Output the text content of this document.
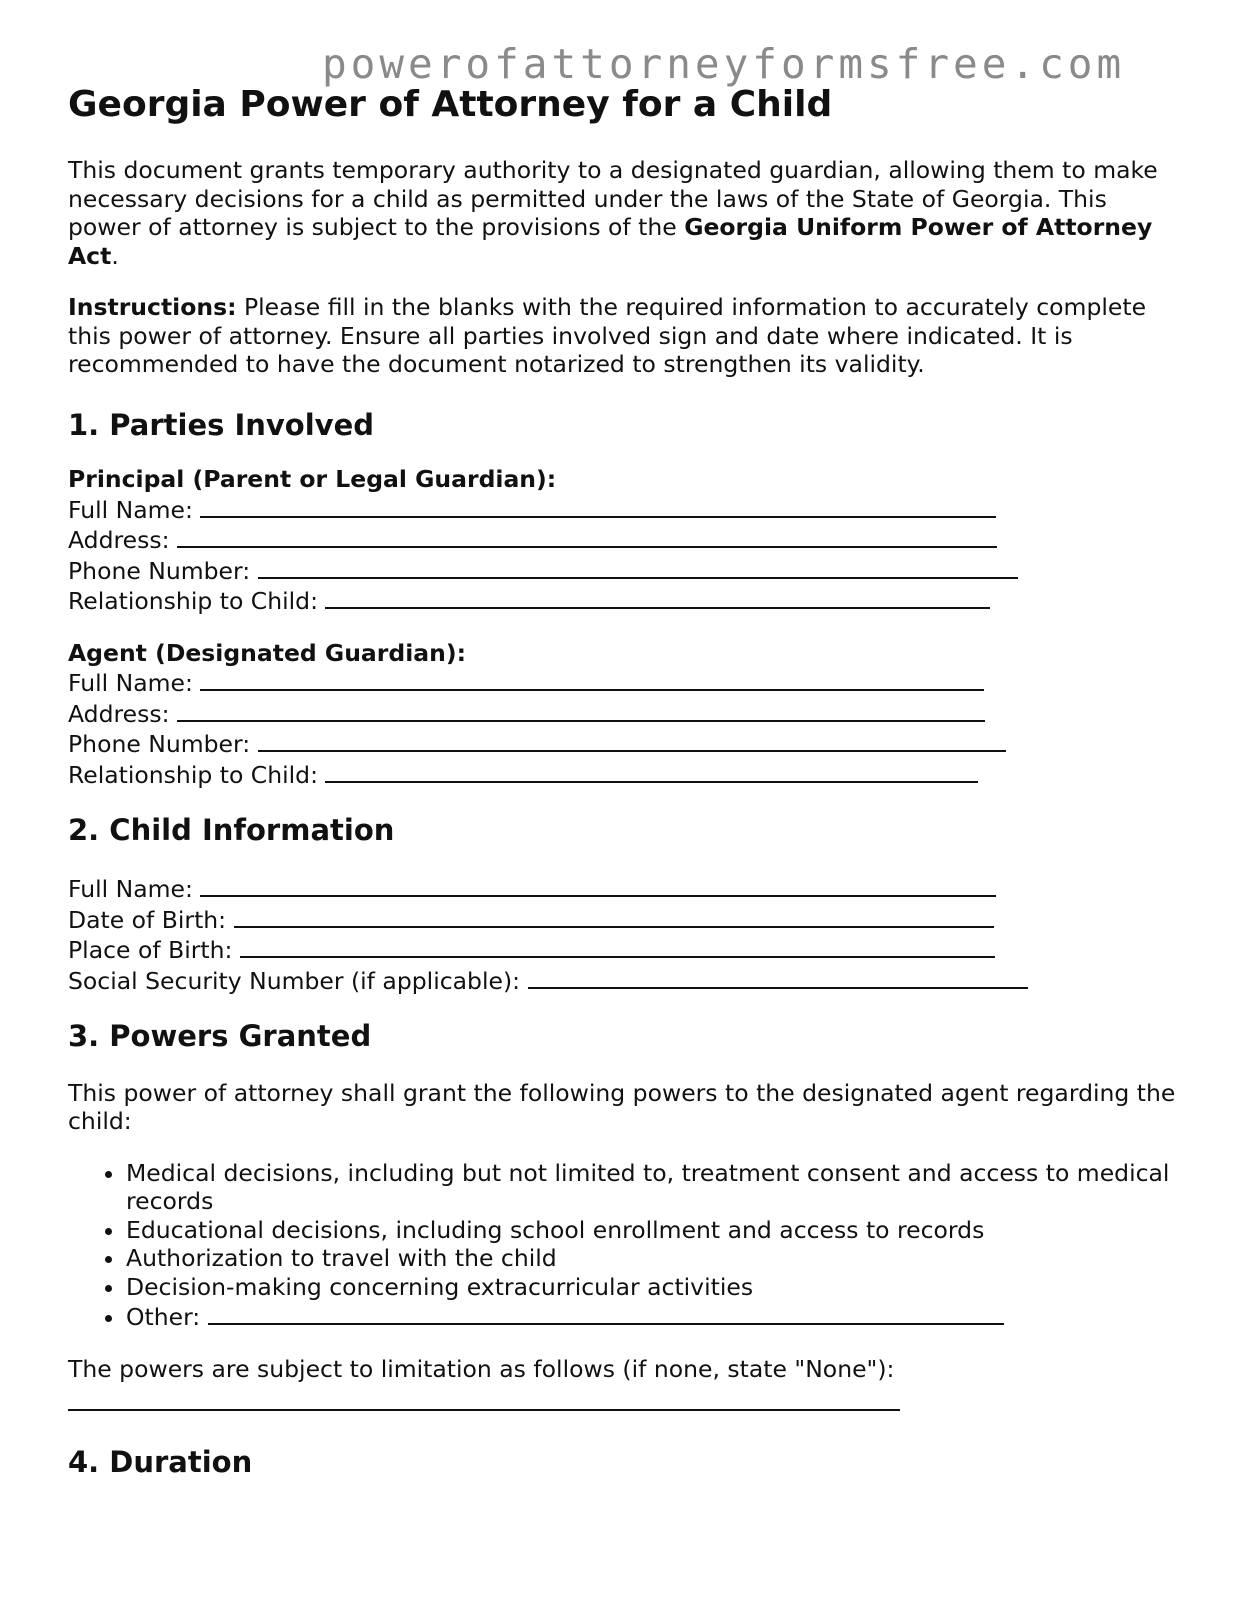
powerofattorneyformsfree.com
Georgia Power of Attorney for a Child

This document grants temporary authority to a designated guardian, allowing them to make necessary decisions for a child as permitted under the laws of the State of Georgia. This power of attorney is subject to the provisions of the Georgia Uniform Power of Attorney Act.

Instructions: Please fill in the blanks with the required information to accurately complete this power of attorney. Ensure all parties involved sign and date where indicated. It is recommended to have the document notarized to strengthen its validity.

1. Parties Involved
Principal (Parent or Legal Guardian):
Full Name:
Address:
Phone Number:
Relationship to Child:
Agent (Designated Guardian):
Full Name:
Address:
Phone Number:
Relationship to Child:
2. Child Information
Full Name:
Date of Birth:
Place of Birth:
Social Security Number (if applicable):
3. Powers Granted

This power of attorney shall grant the following powers to the designated agent regarding the child:

• Medical decisions, including but not limited to, treatment consent and access to medical records
• Educational decisions, including school enrollment and access to records
• Authorization to travel with the child
• Decision-making concerning extracurricular activities
• Other:

The powers are subject to limitation as follows (if none, state "None"):

4. Duration
